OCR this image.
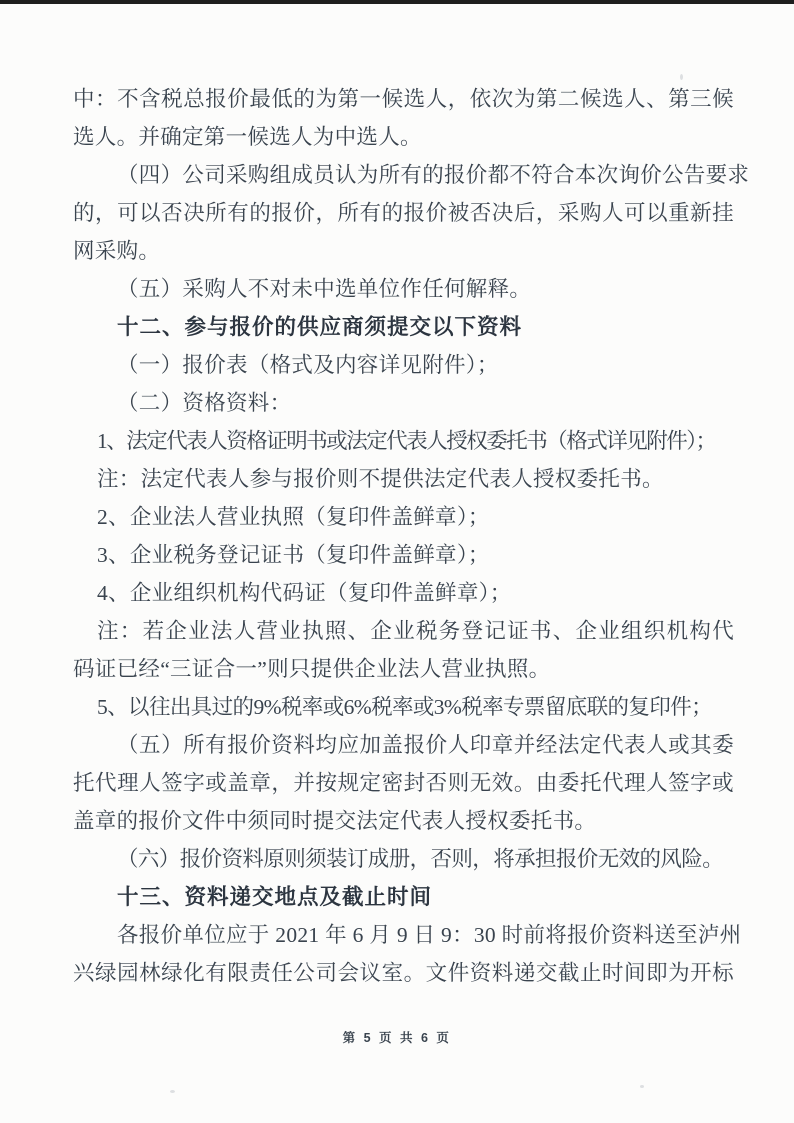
中：不含税总报价最低的为第一候选人，依次为第二候选人、第三候
选人。并确定第一候选人为中选人。
（四）公司采购组成员认为所有的报价都不符合本次询价公告要求
的，可以否决所有的报价，所有的报价被否决后，采购人可以重新挂
网采购。
（五）采购人不对未中选单位作任何解释。
十二、参与报价的供应商须提交以下资料
（一）报价表（格式及内容详见附件）；
（二）资格资料：
1、法定代表人资格证明书或法定代表人授权委托书（格式详见附件）；
注：法定代表人参与报价则不提供法定代表人授权委托书。
2、企业法人营业执照（复印件盖鲜章）；
3、企业税务登记证书（复印件盖鲜章）；
4、企业组织机构代码证（复印件盖鲜章）；
注：若企业法人营业执照、企业税务登记证书、企业组织机构代
码证已经“三证合一”则只提供企业法人营业执照。
5、以往出具过的9%税率或6%税率或3%税率专票留底联的复印件；
（五）所有报价资料均应加盖报价人印章并经法定代表人或其委
托代理人签字或盖章，并按规定密封否则无效。由委托代理人签字或
盖章的报价文件中须同时提交法定代表人授权委托书。
（六）报价资料原则须装订成册，否则，将承担报价无效的风险。
十三、资料递交地点及截止时间
各报价单位应于 2021 年 6 月 9 日 9：30 时前将报价资料送至泸州
兴绿园林绿化有限责任公司会议室。文件资料递交截止时间即为开标
第 5 页 共 6 页
